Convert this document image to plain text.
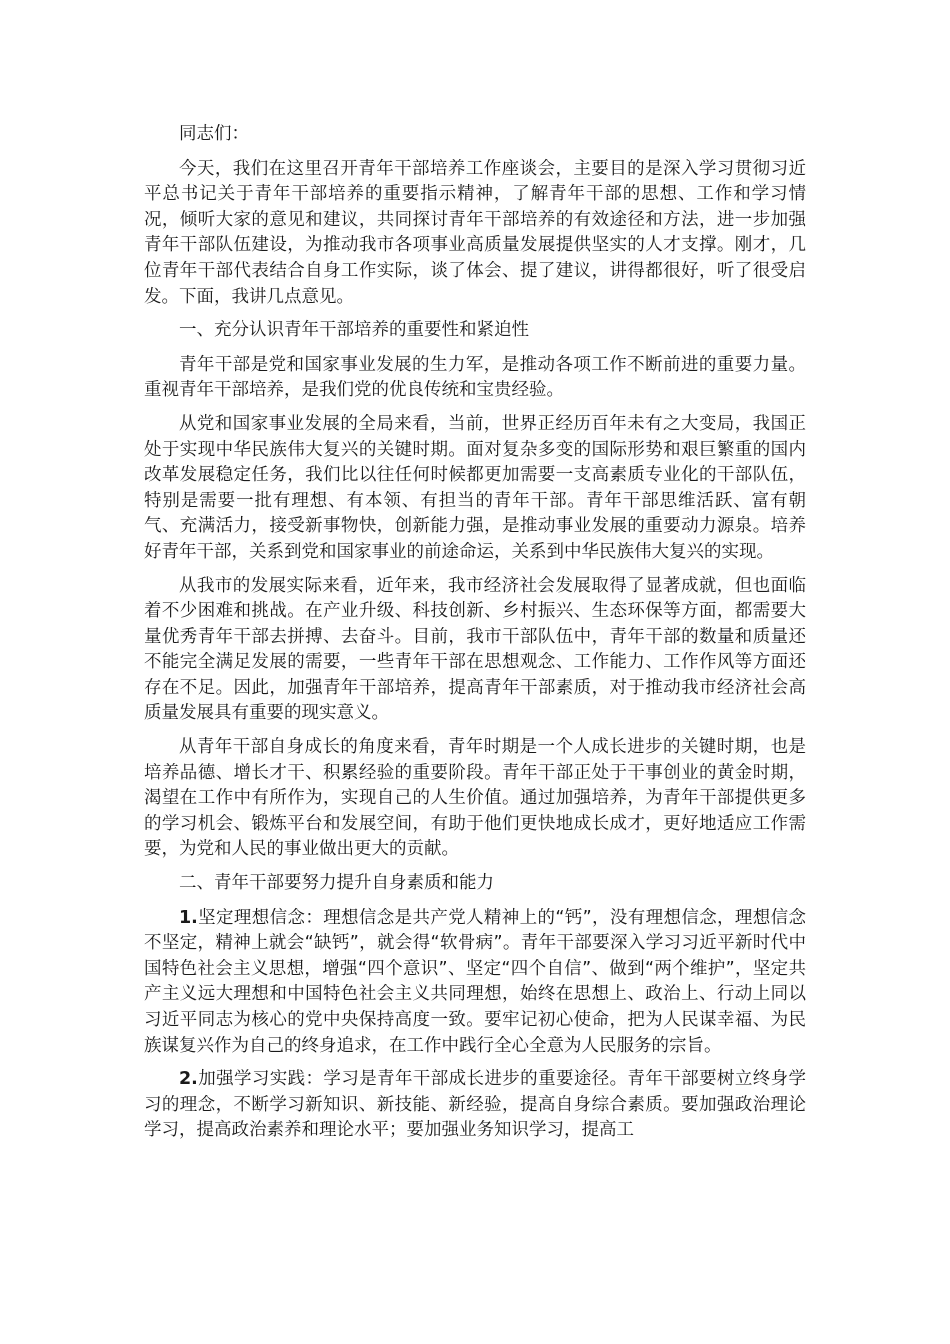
同志们：

今天，我们在这里召开青年干部培养工作座谈会，主要目的是深入学习贯彻习近平总书记关于青年干部培养的重要指示精神，了解青年干部的思想、工作和学习情况，倾听大家的意见和建议，共同探讨青年干部培养的有效途径和方法，进一步加强青年干部队伍建设，为推动我市各项事业高质量发展提供坚实的人才支撑。刚才，几位青年干部代表结合自身工作实际，谈了体会、提了建议，讲得都很好，听了很受启发。下面，我讲几点意见。

一、充分认识青年干部培养的重要性和紧迫性

青年干部是党和国家事业发展的生力军，是推动各项工作不断前进的重要力量。重视青年干部培养，是我们党的优良传统和宝贵经验。

从党和国家事业发展的全局来看，当前，世界正经历百年未有之大变局，我国正处于实现中华民族伟大复兴的关键时期。面对复杂多变的国际形势和艰巨繁重的国内改革发展稳定任务，我们比以往任何时候都更加需要一支高素质专业化的干部队伍，特别是需要一批有理想、有本领、有担当的青年干部。青年干部思维活跃、富有朝气、充满活力，接受新事物快，创新能力强，是推动事业发展的重要动力源泉。培养好青年干部，关系到党和国家事业的前途命运，关系到中华民族伟大复兴的实现。

从我市的发展实际来看，近年来，我市经济社会发展取得了显著成就，但也面临着不少困难和挑战。在产业升级、科技创新、乡村振兴、生态环保等方面，都需要大量优秀青年干部去拼搏、去奋斗。目前，我市干部队伍中，青年干部的数量和质量还不能完全满足发展的需要，一些青年干部在思想观念、工作能力、工作作风等方面还存在不足。因此，加强青年干部培养，提高青年干部素质，对于推动我市经济社会高质量发展具有重要的现实意义。

从青年干部自身成长的角度来看，青年时期是一个人成长进步的关键时期，也是培养品德、增长才干、积累经验的重要阶段。青年干部正处于干事创业的黄金时期，渴望在工作中有所作为，实现自己的人生价值。通过加强培养，为青年干部提供更多的学习机会、锻炼平台和发展空间，有助于他们更快地成长成才，更好地适应工作需要，为党和人民的事业做出更大的贡献。

二、青年干部要努力提升自身素质和能力

1.坚定理想信念：理想信念是共产党人精神上的“钙”，没有理想信念，理想信念不坚定，精神上就会“缺钙”，就会得“软骨病”。青年干部要深入学习习近平新时代中国特色社会主义思想，增强“四个意识”、坚定“四个自信”、做到“两个维护”，坚定共产主义远大理想和中国特色社会主义共同理想，始终在思想上、政治上、行动上同以习近平同志为核心的党中央保持高度一致。要牢记初心使命，把为人民谋幸福、为民族谋复兴作为自己的终身追求，在工作中践行全心全意为人民服务的宗旨。

2.加强学习实践：学习是青年干部成长进步的重要途径。青年干部要树立终身学习的理念，不断学习新知识、新技能、新经验，提高自身综合素质。要加强政治理论学习，提高政治素养和理论水平；要加强业务知识学习，提高工
